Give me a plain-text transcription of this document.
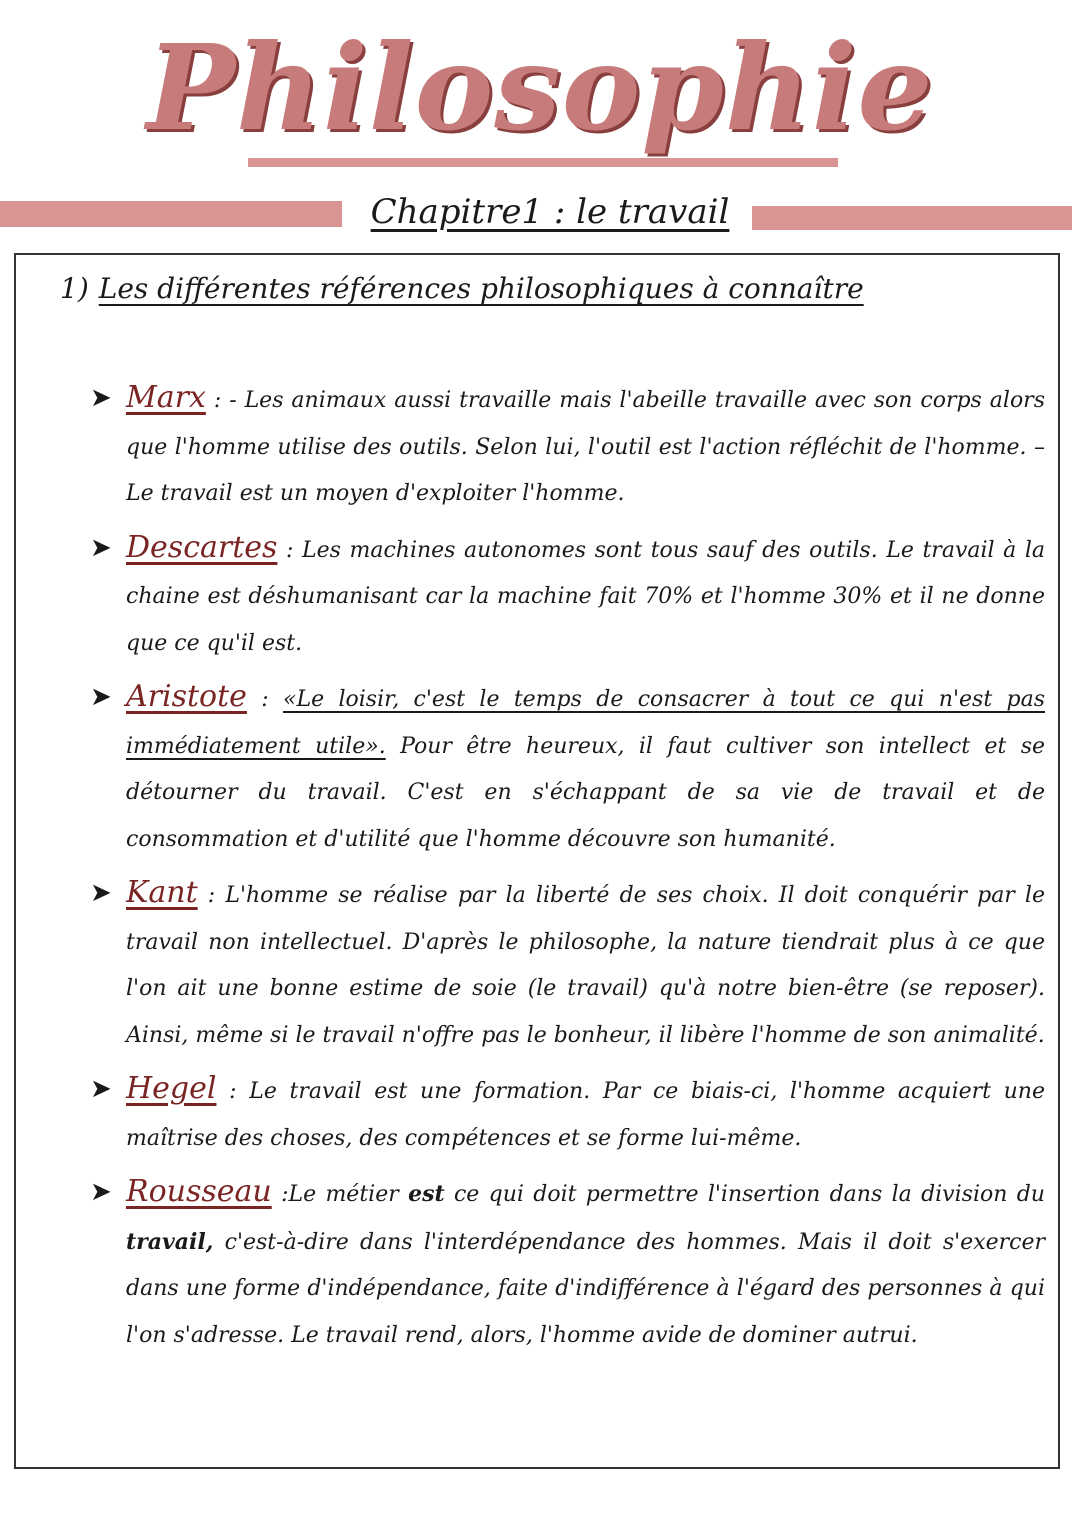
Philosophie
Chapitre1 : le travail
1) Les différentes références philosophiques à connaître
➤ Marx : - Les animaux aussi travaille mais l'abeille travaille avec son corps alors que l'homme utilise des outils. Selon lui, l'outil est l'action réfléchit de l'homme. – Le travail est un moyen d'exploiter l'homme.
➤ Descartes : Les machines autonomes sont tous sauf des outils. Le travail à la chaine est déshumanisant car la machine fait 70% et l'homme 30% et il ne donne que ce qu'il est.
➤ Aristote : «Le loisir, c'est le temps de consacrer à tout ce qui n'est pas immédiatement utile». Pour être heureux, il faut cultiver son intellect et se détourner du travail. C'est en s'échappant de sa vie de travail et de consommation et d'utilité que l'homme découvre son humanité.
➤ Kant : L'homme se réalise par la liberté de ses choix. Il doit conquérir par le travail non intellectuel. D'après le philosophe, la nature tiendrait plus à ce que l'on ait une bonne estime de soie (le travail) qu'à notre bien-être (se reposer). Ainsi, même si le travail n'offre pas le bonheur, il libère l'homme de son animalité.
➤ Hegel : Le travail est une formation. Par ce biais-ci, l'homme acquiert une maîtrise des choses, des compétences et se forme lui-même.
➤ Rousseau :Le métier est ce qui doit permettre l'insertion dans la division du travail, c'est-à-dire dans l'interdépendance des hommes. Mais il doit s'exercer dans une forme d'indépendance, faite d'indifférence à l'égard des personnes à qui l'on s'adresse. Le travail rend, alors, l'homme avide de dominer autrui.
